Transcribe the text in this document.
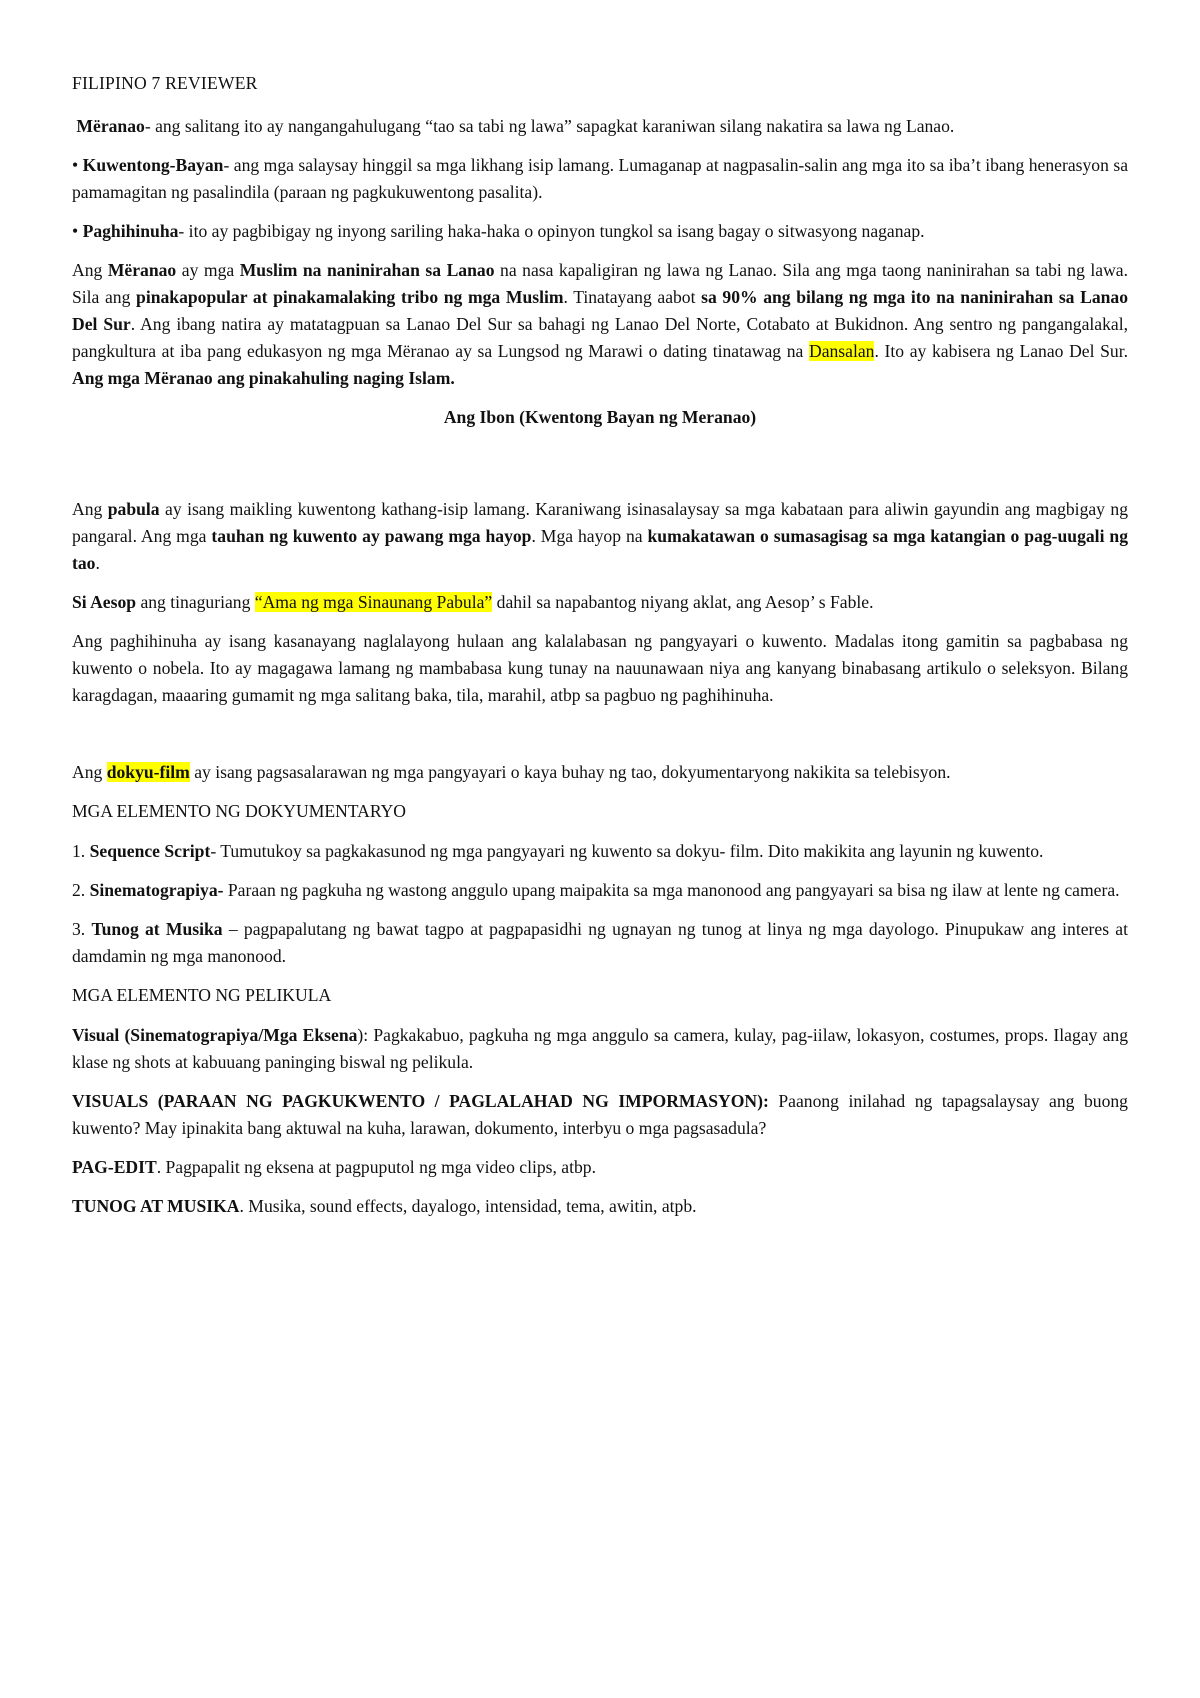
FILIPINO 7 REVIEWER

Mëranao- ang salitang ito ay nangangahulugang “tao sa tabi ng lawa” sapagkat karaniwan silang nakatira sa lawa ng Lanao.

• Kuwentong-Bayan- ang mga salaysay hinggil sa mga likhang isip lamang. Lumaganap at nagpasalin-salin ang mga ito sa iba’t ibang henerasyon sa pamamagitan ng pasalindila (paraan ng pagkukuwentong pasalita).

• Paghihinuha- ito ay pagbibigay ng inyong sariling haka-haka o opinyon tungkol sa isang bagay o sitwasyong naganap.

Ang Mëranao ay mga Muslim na naninirahan sa Lanao na nasa kapaligiran ng lawa ng Lanao. Sila ang mga taong naninirahan sa tabi ng lawa. Sila ang pinakapopular at pinakamalaking tribo ng mga Muslim. Tinatayang aabot sa 90% ang bilang ng mga ito na naninirahan sa Lanao Del Sur. Ang ibang natira ay matatagpuan sa Lanao Del Sur sa bahagi ng Lanao Del Norte, Cotabato at Bukidnon. Ang sentro ng pangangalakal, pangkultura at iba pang edukasyon ng mga Mëranao ay sa Lungsod ng Marawi o dating tinatawag na Dansalan. Ito ay kabisera ng Lanao Del Sur. Ang mga Mëranao ang pinakahuling naging Islam.

Ang Ibon (Kwentong Bayan ng Meranao)

Ang pabula ay isang maikling kuwentong kathang-isip lamang. Karaniwang isinasalaysay sa mga kabataan para aliwin gayundin ang magbigay ng pangaral. Ang mga tauhan ng kuwento ay pawang mga hayop. Mga hayop na kumakatawan o sumasagisag sa mga katangian o pag-uugali ng tao.

Si Aesop ang tinaguriang “Ama ng mga Sinaunang Pabula” dahil sa napabantog niyang aklat, ang Aesop’ s Fable.

Ang paghihinuha ay isang kasanayang naglalayong hulaan ang kalalabasan ng pangyayari o kuwento. Madalas itong gamitin sa pagbabasa ng kuwento o nobela. Ito ay magagawa lamang ng mambabasa kung tunay na nauunawaan niya ang kanyang binabasang artikulo o seleksyon. Bilang karagdagan, maaaring gumamit ng mga salitang baka, tila, marahil, atbp sa pagbuo ng paghihinuha.

Ang dokyu-film ay isang pagsasalarawan ng mga pangyayari o kaya buhay ng tao, dokyumentaryong nakikita sa telebisyon.

MGA ELEMENTO NG DOKYUMENTARYO

1. Sequence Script- Tumutukoy sa pagkakasunod ng mga pangyayari ng kuwento sa dokyu- film. Dito makikita ang layunin ng kuwento.

2. Sinematograpiya- Paraan ng pagkuha ng wastong anggulo upang maipakita sa mga manonood ang pangyayari sa bisa ng ilaw at lente ng camera.

3. Tunog at Musika – pagpapalutang ng bawat tagpo at pagpapasidhi ng ugnayan ng tunog at linya ng mga dayologo. Pinupukaw ang interes at damdamin ng mga manonood.

MGA ELEMENTO NG PELIKULA

Visual (Sinematograpiya/Mga Eksena): Pagkakabuo, pagkuha ng mga anggulo sa camera, kulay, pag-iilaw, lokasyon, costumes, props. Ilagay ang klase ng shots at kabuuang paninging biswal ng pelikula.

VISUALS (PARAAN NG PAGKUKWENTO / PAGLALAHAD NG IMPORMASYON): Paanong inilahad ng tapagsalaysay ang buong kuwento? May ipinakita bang aktuwal na kuha, larawan, dokumento, interbyu o mga pagsasadula?

PAG-EDIT. Pagpapalit ng eksena at pagpuputol ng mga video clips, atbp.

TUNOG AT MUSIKA. Musika, sound effects, dayalogo, intensidad, tema, awitin, atpb.
